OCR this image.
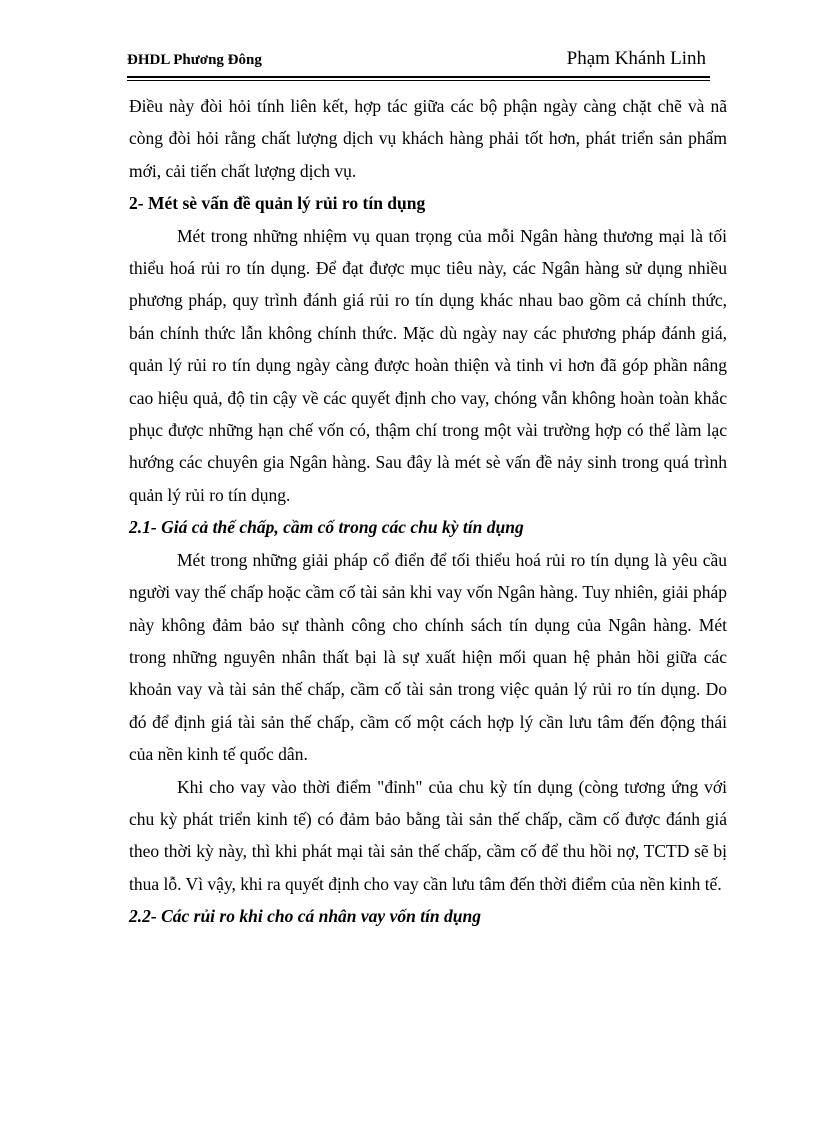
ĐHDL Phương Đông	Phạm Khánh Linh

Điều này đòi hỏi tính liên kết, hợp tác giữa các bộ phận ngày càng chặt chẽ và nã còng đòi hỏi rằng chất lượng dịch vụ khách hàng phải tốt hơn, phát triển sản phẩm mới, cải tiến chất lượng dịch vụ.

2- Mét sè vấn đề quản lý rủi ro tín dụng

Mét trong những nhiệm vụ quan trọng của mỗi Ngân hàng thương mại là tối thiểu hoá rủi ro tín dụng. Để đạt được mục tiêu này, các Ngân hàng sử dụng nhiều phương pháp, quy trình đánh giá rủi ro tín dụng khác nhau bao gồm cả chính thức, bán chính thức lẫn không chính thức. Mặc dù ngày nay các phương pháp đánh giá, quản lý rủi ro tín dụng ngày càng được hoàn thiện và tinh vi hơn đã góp phần nâng cao hiệu quả, độ tin cậy về các quyết định cho vay, chóng vẫn không hoàn toàn khắc phục được những hạn chế vốn có, thậm chí trong một vài trường hợp có thể làm lạc hướng các chuyên gia Ngân hàng. Sau đây là mét sè vấn đề nảy sinh trong quá trình quản lý rủi ro tín dụng.

2.1- Giá cả thế chấp, cầm cố trong các chu kỳ tín dụng

Mét trong những giải pháp cổ điển để tối thiểu hoá rủi ro tín dụng là yêu cầu người vay thế chấp hoặc cầm cố tài sản khi vay vốn Ngân hàng. Tuy nhiên, giải pháp này không đảm bảo sự thành công cho chính sách tín dụng của Ngân hàng. Mét trong những nguyên nhân thất bại là sự xuất hiện mối quan hệ phản hồi giữa các khoản vay và tài sản thế chấp, cầm cố tài sản trong việc quản lý rủi ro tín dụng. Do đó để định giá tài sản thế chấp, cầm cố một cách hợp lý cần lưu tâm đến động thái của nền kinh tế quốc dân.

Khi cho vay vào thời điểm "đỉnh" của chu kỳ tín dụng (còng tương ứng với chu kỳ phát triển kinh tế) có đảm bảo bằng tài sản thế chấp, cầm cố được đánh giá theo thời kỳ này, thì khi phát mại tài sản thế chấp, cầm cố để thu hồi nợ, TCTD sẽ bị thua lỗ. Vì vậy, khi ra quyết định cho vay cần lưu tâm đến thời điểm của nền kinh tế.

2.2- Các rủi ro khi cho cá nhân vay vốn tín dụng
